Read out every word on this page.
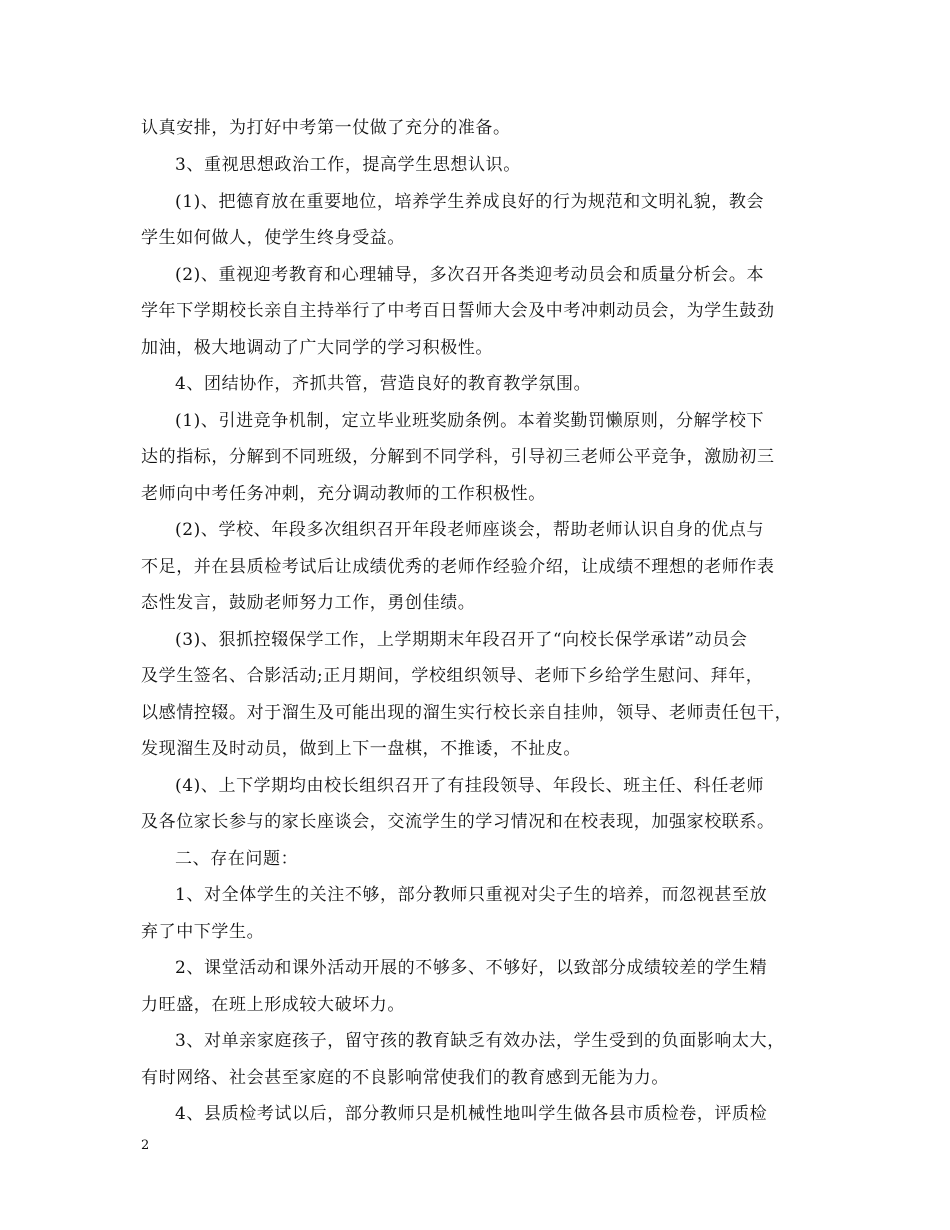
认真安排，为打好中考第一仗做了充分的准备。
3、重视思想政治工作，提高学生思想认识。
(1)、把德育放在重要地位，培养学生养成良好的行为规范和文明礼貌，教会
学生如何做人，使学生终身受益。
(2)、重视迎考教育和心理辅导，多次召开各类迎考动员会和质量分析会。本
学年下学期校长亲自主持举行了中考百日誓师大会及中考冲刺动员会，为学生鼓劲
加油，极大地调动了广大同学的学习积极性。
4、团结协作，齐抓共管，营造良好的教育教学氛围。
(1)、引进竞争机制，定立毕业班奖励条例。本着奖勤罚懒原则，分解学校下
达的指标，分解到不同班级，分解到不同学科，引导初三老师公平竞争，激励初三
老师向中考任务冲刺，充分调动教师的工作积极性。
(2)、学校、年段多次组织召开年段老师座谈会，帮助老师认识自身的优点与
不足，并在县质检考试后让成绩优秀的老师作经验介绍，让成绩不理想的老师作表
态性发言，鼓励老师努力工作，勇创佳绩。
(3)、狠抓控辍保学工作，上学期期末年段召开了“向校长保学承诺”动员会
及学生签名、合影活动;正月期间，学校组织领导、老师下乡给学生慰问、拜年，
以感情控辍。对于溜生及可能出现的溜生实行校长亲自挂帅，领导、老师责任包干，
发现溜生及时动员，做到上下一盘棋，不推诿，不扯皮。
(4)、上下学期均由校长组织召开了有挂段领导、年段长、班主任、科任老师
及各位家长参与的家长座谈会，交流学生的学习情况和在校表现，加强家校联系。
二、存在问题：
1、对全体学生的关注不够，部分教师只重视对尖子生的培养，而忽视甚至放
弃了中下学生。
2、课堂活动和课外活动开展的不够多、不够好，以致部分成绩较差的学生精
力旺盛，在班上形成较大破坏力。
3、对单亲家庭孩子，留守孩的教育缺乏有效办法，学生受到的负面影响太大，
有时网络、社会甚至家庭的不良影响常使我们的教育感到无能为力。
4、县质检考试以后，部分教师只是机械性地叫学生做各县市质检卷，评质检
2
